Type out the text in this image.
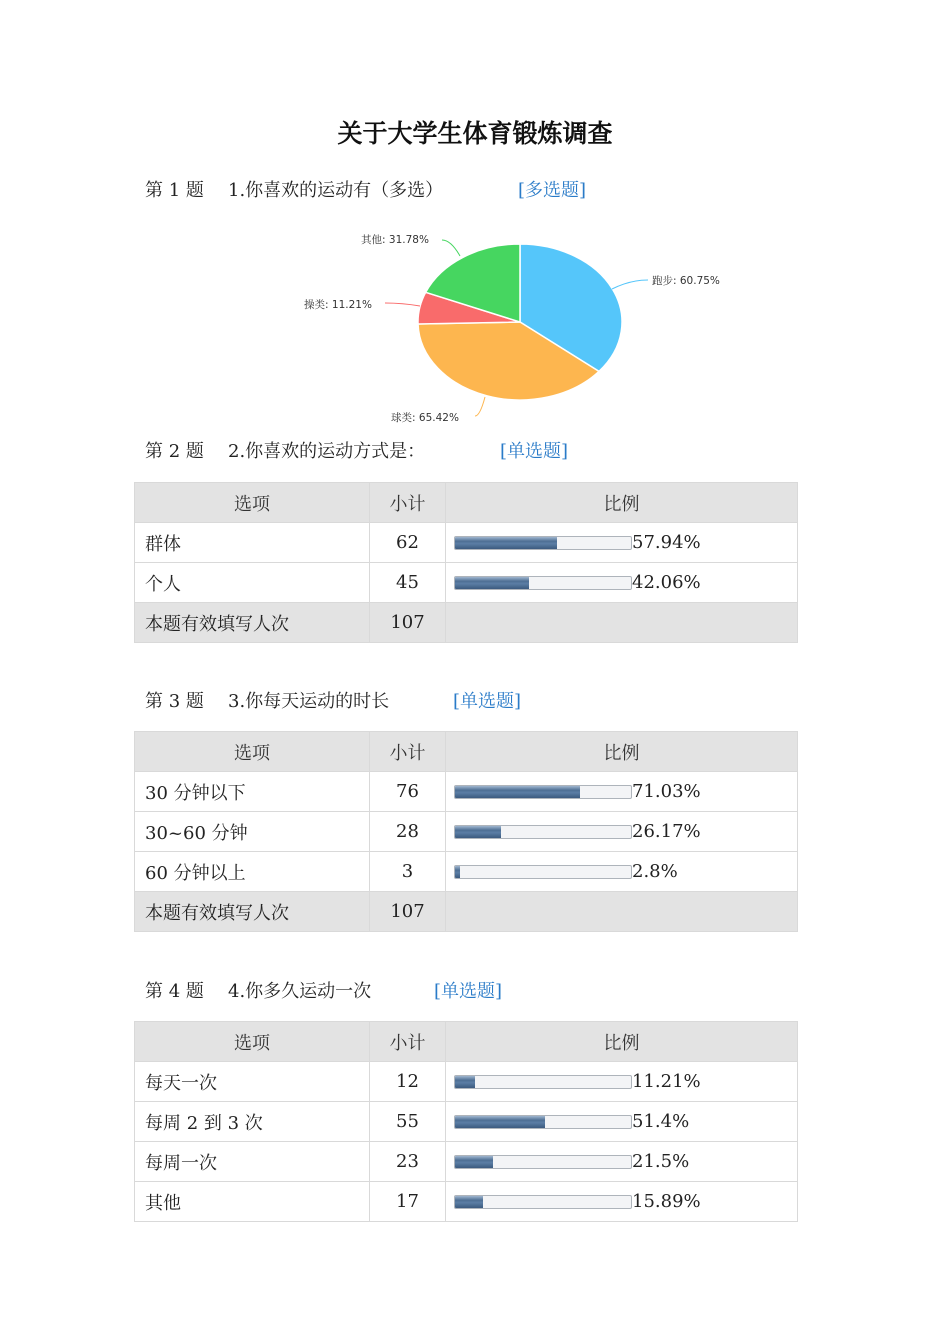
关于大学生体育锻炼调查
第 1 题 1.你喜欢的运动有（多选）	[多选题]
跑步: 60.75%
球类: 65.42%
操类: 11.21%
其他: 31.78%
第 2 题 2.你喜欢的运动方式是：	[单选题]
选项	小计	比例
群体	62	57.94%
个人	45	42.06%
本题有效填写人次	107	
第 3 题 3.你每天运动的时长	[单选题]
选项	小计	比例
30 分钟以下	76	71.03%
30~60 分钟	28	26.17%
60 分钟以上	3	2.8%
本题有效填写人次	107	
第 4 题 4.你多久运动一次	[单选题]
选项	小计	比例
每天一次	12	11.21%
每周 2 到 3 次	55	51.4%
每周一次	23	21.5%
其他	17	15.89%
